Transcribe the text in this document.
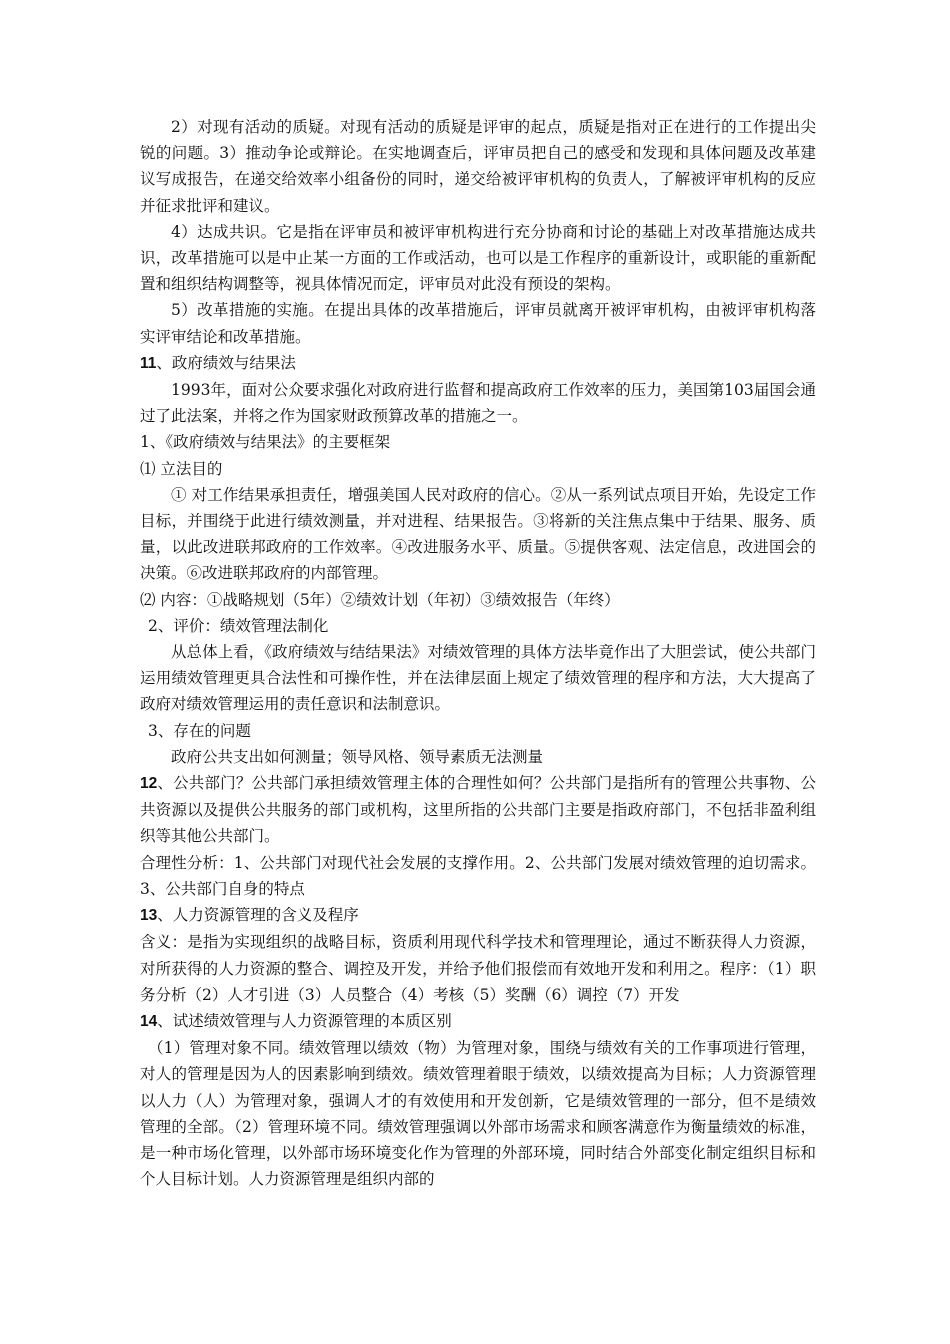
2）对现有活动的质疑。对现有活动的质疑是评审的起点，质疑是指对正在进行的工作提出尖锐的问题。3）推动争论或辩论。在实地调查后，评审员把自己的感受和发现和具体问题及改革建议写成报告，在递交给效率小组备份的同时，递交给被评审机构的负责人，了解被评审机构的反应并征求批评和建议。

4）达成共识。它是指在评审员和被评审机构进行充分协商和讨论的基础上对改革措施达成共识，改革措施可以是中止某一方面的工作或活动，也可以是工作程序的重新设计，或职能的重新配置和组织结构调整等，视具体情况而定，评审员对此没有预设的架构。

5）改革措施的实施。在提出具体的改革措施后，评审员就离开被评审机构，由被评审机构落实评审结论和改革措施。

11、政府绩效与结果法

1993年，面对公众要求强化对政府进行监督和提高政府工作效率的压力，美国第103届国会通过了此法案，并将之作为国家财政预算改革的措施之一。

1、《政府绩效与结果法》的主要框架

⑴ 立法目的

① 对工作结果承担责任，增强美国人民对政府的信心。②从一系列试点项目开始，先设定工作目标，并围绕于此进行绩效测量，并对进程、结果报告。③将新的关注焦点集中于结果、服务、质量，以此改进联邦政府的工作效率。④改进服务水平、质量。⑤提供客观、法定信息，改进国会的决策。⑥改进联邦政府的内部管理。

⑵ 内容：①战略规划（5年）②绩效计划（年初）③绩效报告（年终）

2、评价：绩效管理法制化

从总体上看，《政府绩效与结结果法》对绩效管理的具体方法毕竟作出了大胆尝试，使公共部门运用绩效管理更具合法性和可操作性，并在法律层面上规定了绩效管理的程序和方法，大大提高了政府对绩效管理运用的责任意识和法制意识。

3、存在的问题

政府公共支出如何测量；领导风格、领导素质无法测量

12、公共部门？公共部门承担绩效管理主体的合理性如何？公共部门是指所有的管理公共事物、公共资源以及提供公共服务的部门或机构，这里所指的公共部门主要是指政府部门，不包括非盈利组织等其他公共部门。

合理性分析：1、公共部门对现代社会发展的支撑作用。2、公共部门发展对绩效管理的迫切需求。3、公共部门自身的特点

13、人力资源管理的含义及程序

含义：是指为实现组织的战略目标，资质利用现代科学技术和管理理论，通过不断获得人力资源，对所获得的人力资源的整合、调控及开发，并给予他们报偿而有效地开发和利用之。程序：（1）职务分析（2）人才引进（3）人员整合（4）考核（5）奖酬（6）调控（7）开发

14、试述绩效管理与人力资源管理的本质区别

（1）管理对象不同。绩效管理以绩效（物）为管理对象，围绕与绩效有关的工作事项进行管理，对人的管理是因为人的因素影响到绩效。绩效管理着眼于绩效，以绩效提高为目标；人力资源管理以人力（人）为管理对象，强调人才的有效使用和开发创新，它是绩效管理的一部分，但不是绩效管理的全部。（2）管理环境不同。绩效管理强调以外部市场需求和顾客满意作为衡量绩效的标准，是一种市场化管理，以外部市场环境变化作为管理的外部环境，同时结合外部变化制定组织目标和个人目标计划。人力资源管理是组织内部的
